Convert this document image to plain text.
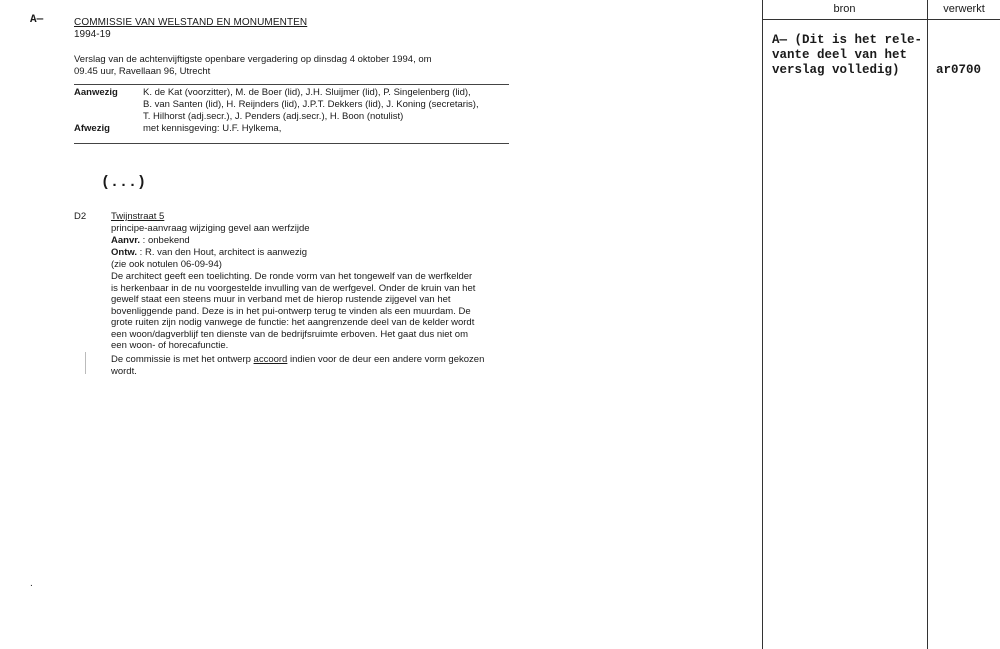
A—	COMMISSIE VAN WELSTAND EN MONUMENTEN
1994-19
Verslag van de achtenvijftigste openbare vergadering op dinsdag 4 oktober 1994, om
09.45 uur, Ravellaan 96, Utrecht
Aanwezig	K. de Kat (voorzitter), M. de Boer (lid), J.H. Sluijmer (lid), P. Singelenberg (lid),
B. van Santen (lid), H. Reijnders (lid), J.P.T. Dekkers (lid), J. Koning (secretaris),
T. Hilhorst (adj.secr.), J. Penders (adj.secr.), H. Boon (notulist)
Afwezig	met kennisgeving: U.F. Hylkema,
(...)
D2	Twijnstraat 5
principe-aanvraag wijziging gevel aan werfzijde
Aanvr. : onbekend
Ontw. : R. van den Hout, architect is aanwezig
(zie ook notulen 06-09-94)
De architect geeft een toelichting. De ronde vorm van het tongewelf van de werfkelder
is herkenbaar in de nu voorgestelde invulling van de werfgevel. Onder de kruin van het
gewelf staat een steens muur in verband met de hierop rustende zijgevel van het
bovenliggende pand. Deze is in het pui-ontwerp terug te vinden als een muurdam. De
grote ruiten zijn nodig vanwege de functie: het aangrenzende deel van de kelder wordt
een woon/dagverblijf ten dienste van de bedrijfsruimte erboven. Het gaat dus niet om
een woon- of horecafunctie.
De commissie is met het ontwerp accoord indien voor de deur een andere vorm gekozen
wordt.
.
bron	verwerkt
A— (Dit is het rele-
vante deel van het
verslag volledig)	ar0700
